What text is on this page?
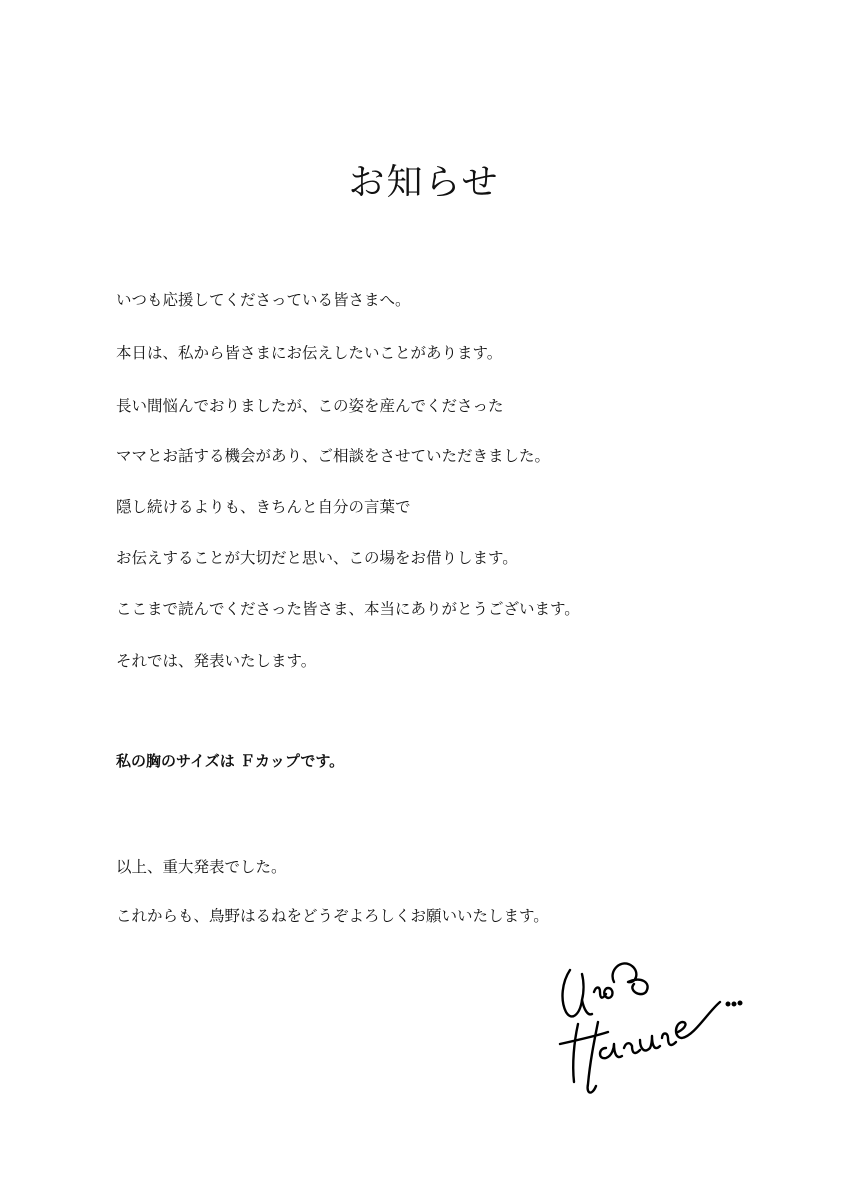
お知らせ

いつも応援してくださっている皆さまへ。

本日は、私から皆さまにお伝えしたいことがあります。

長い間悩んでおりましたが、この姿を産んでくださった

ママとお話する機会があり、ご相談をさせていただきました。

隠し続けるよりも、きちんと自分の言葉で

お伝えすることが大切だと思い、この場をお借りします。

ここまで読んでくださった皆さま、本当にありがとうございます。

それでは、発表いたします。

私の胸のサイズは Ｆカップです。

以上、重大発表でした。

これからも、鳥野はるねをどうぞよろしくお願いいたします。
